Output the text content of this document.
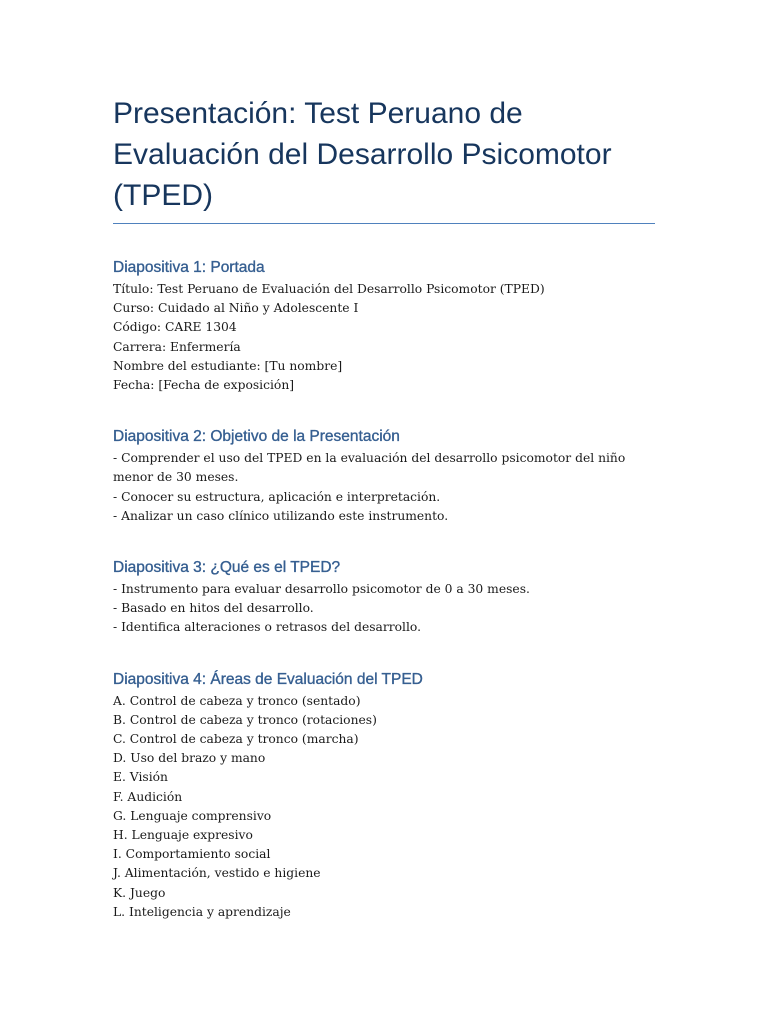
Presentación: Test Peruano de Evaluación del Desarrollo Psicomotor (TPED)
Diapositiva 1: Portada
Título: Test Peruano de Evaluación del Desarrollo Psicomotor (TPED)
Curso: Cuidado al Niño y Adolescente I
Código: CARE 1304
Carrera: Enfermería
Nombre del estudiante: [Tu nombre]
Fecha: [Fecha de exposición]
Diapositiva 2: Objetivo de la Presentación
- Comprender el uso del TPED en la evaluación del desarrollo psicomotor del niño menor de 30 meses.
- Conocer su estructura, aplicación e interpretación.
- Analizar un caso clínico utilizando este instrumento.
Diapositiva 3: ¿Qué es el TPED?
- Instrumento para evaluar desarrollo psicomotor de 0 a 30 meses.
- Basado en hitos del desarrollo.
- Identifica alteraciones o retrasos del desarrollo.
Diapositiva 4: Áreas de Evaluación del TPED
A. Control de cabeza y tronco (sentado)
B. Control de cabeza y tronco (rotaciones)
C. Control de cabeza y tronco (marcha)
D. Uso del brazo y mano
E. Visión
F. Audición
G. Lenguaje comprensivo
H. Lenguaje expresivo
I. Comportamiento social
J. Alimentación, vestido e higiene
K. Juego
L. Inteligencia y aprendizaje
